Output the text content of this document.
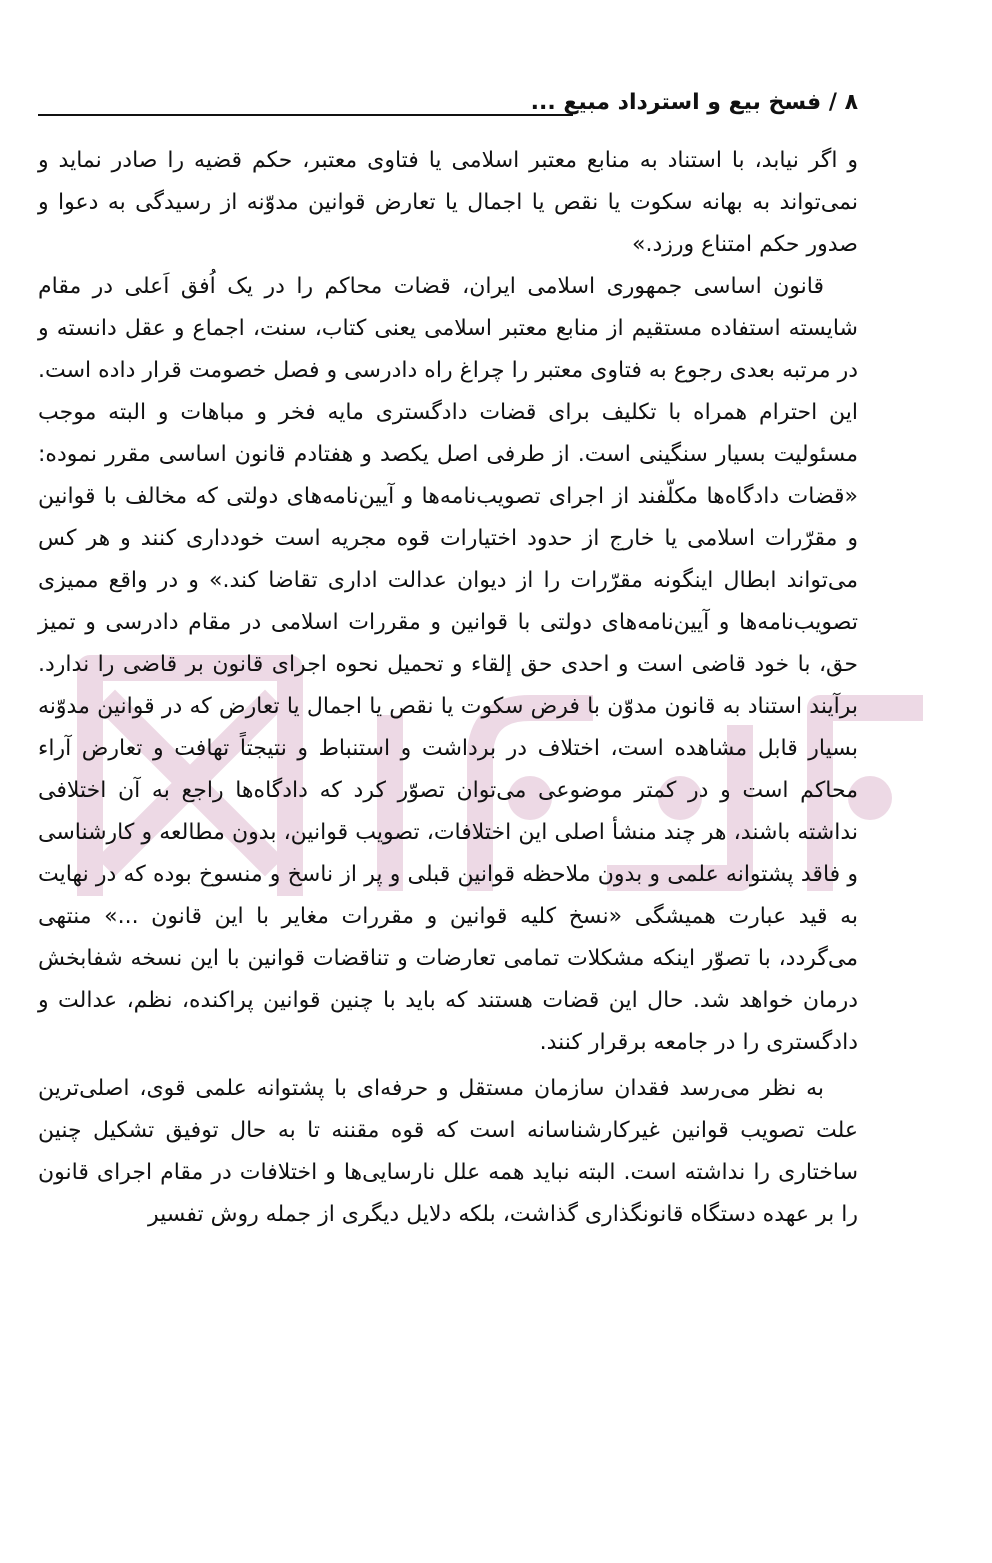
۸ / فسخ بیع و استرداد مبیع ...

و اگر نیابد، با استناد به منابع معتبر اسلامی یا فتاوی معتبر، حکم قضیه را صادر نماید و نمی‌تواند به بهانه سکوت یا نقص یا اجمال یا تعارض قوانین مدوّنه از رسیدگی به دعوا و صدور حکم امتناع ورزد.»

قانون اساسی جمهوری اسلامی ایران، قضات محاکم را در یک اُفق اَعلی در مقام شایسته استفاده مستقیم از منابع معتبر اسلامی یعنی کتاب، سنت، اجماع و عقل دانسته و در مرتبه بعدی رجوع به فتاوی معتبر را چراغ راه دادرسی و فصل خصومت قرار داده است. این احترام همراه با تکلیف برای قضات دادگستری مایه فخر و مباهات و البته موجب مسئولیت بسیار سنگینی است. از طرفی اصل یکصد و هفتادم قانون اساسی مقرر نموده: «قضات دادگاه‌ها مکلّفند از اجرای تصویب‌نامه‌ها و آیین‌نامه‌های دولتی که مخالف با قوانین و مقرّرات اسلامی یا خارج از حدود اختیارات قوه مجریه است خودداری کنند و هر کس می‌تواند ابطال اینگونه مقرّرات را از دیوان عدالت اداری تقاضا کند.» و در واقع ممیزی تصویب‌نامه‌ها و آیین‌نامه‌های دولتی با قوانین و مقررات اسلامی در مقام دادرسی و تمیز حق، با خود قاضی است و احدی حق إلقاء و تحمیل نحوه اجرای قانون بر قاضی را ندارد. برآیند استناد به قانون مدوّن با فرض سکوت یا نقص یا اجمال یا تعارض که در قوانین مدوّنه بسیار قابل مشاهده است، اختلاف در برداشت و استنباط و نتیجتاً تهافت و تعارض آراء محاکم است و در کمتر موضوعی می‌توان تصوّر کرد که دادگاه‌ها راجع به آن اختلافی نداشته باشند، هر چند منشأ اصلی این اختلافات، تصویب قوانین، بدون مطالعه و کارشناسی و فاقد پشتوانه علمی و بدون ملاحظه قوانین قبلی و پر از ناسخ و منسوخ بوده که در نهایت به قید عبارت همیشگی «نسخ کلیه قوانین و مقررات مغایر با این قانون ...» منتهی می‌گردد، با تصوّر اینکه مشکلات تمامی تعارضات و تناقضات قوانین با این نسخه شفابخش درمان خواهد شد. حال این قضات هستند که باید با چنین قوانین پراکنده، نظم، عدالت و دادگستری را در جامعه برقرار کنند.

به نظر می‌رسد فقدان سازمان مستقل و حرفه‌ای با پشتوانه علمی قوی، اصلی‌ترین علت تصویب قوانین غیرکارشناسانه است که قوه مقننه تا به حال توفیق تشکیل چنین ساختاری را نداشته است. البته نباید همه علل نارسایی‌ها و اختلافات در مقام اجرای قانون را بر عهده دستگاه قانونگذاری گذاشت، بلکه دلایل دیگری از جمله روش تفسیر
